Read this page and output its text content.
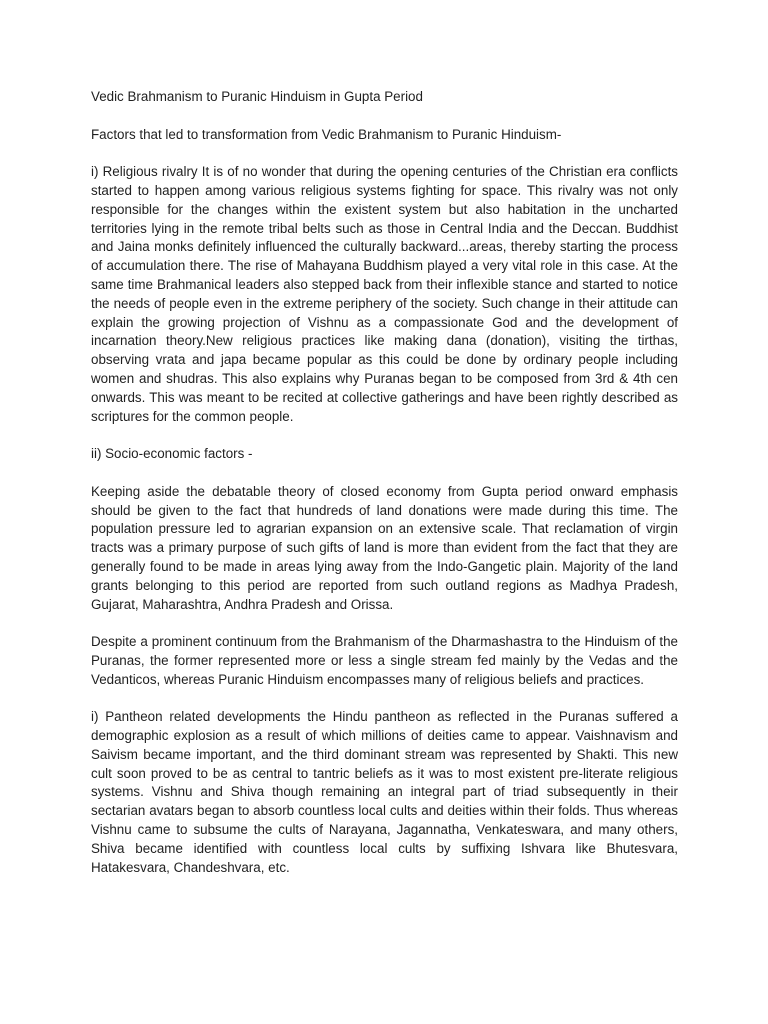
Vedic Brahmanism to Puranic Hinduism in Gupta Period

Factors that led to transformation from Vedic Brahmanism to Puranic Hinduism-

i) Religious rivalry It is of no wonder that during the opening centuries of the Christian era conflicts started to happen among various religious systems fighting for space. This rivalry was not only responsible for the changes within the existent system but also habitation in the uncharted territories lying in the remote tribal belts such as those in Central India and the Deccan. Buddhist and Jaina monks definitely influenced the culturally backward...areas, thereby starting the process of accumulation there. The rise of Mahayana Buddhism played a very vital role in this case. At the same time Brahmanical leaders also stepped back from their inflexible stance and started to notice the needs of people even in the extreme periphery of the society. Such change in their attitude can explain the growing projection of Vishnu as a compassionate God and the development of incarnation theory.New religious practices like making dana (donation), visiting the tirthas, observing vrata and japa became popular as this could be done by ordinary people including women and shudras. This also explains why Puranas began to be composed from 3rd & 4th cen onwards. This was meant to be recited at collective gatherings and have been rightly described as scriptures for the common people.

ii) Socio-economic factors -

Keeping aside the debatable theory of closed economy from Gupta period onward emphasis should be given to the fact that hundreds of land donations were made during this time. The population pressure led to agrarian expansion on an extensive scale. That reclamation of virgin tracts was a primary purpose of such gifts of land is more than evident from the fact that they are generally found to be made in areas lying away from the Indo-Gangetic plain. Majority of the land grants belonging to this period are reported from such outland regions as Madhya Pradesh, Gujarat, Maharashtra, Andhra Pradesh and Orissa.

Despite a prominent continuum from the Brahmanism of the Dharmashastra to the Hinduism of the Puranas, the former represented more or less a single stream fed mainly by the Vedas and the Vedanticos, whereas Puranic Hinduism encompasses many of religious beliefs and practices.

i) Pantheon related developments the Hindu pantheon as reflected in the Puranas suffered a demographic explosion as a result of which millions of deities came to appear. Vaishnavism and Saivism became important, and the third dominant stream was represented by Shakti. This new cult soon proved to be as central to tantric beliefs as it was to most existent pre-literate religious systems. Vishnu and Shiva though remaining an integral part of triad subsequently in their sectarian avatars began to absorb countless local cults and deities within their folds. Thus whereas Vishnu came to subsume the cults of Narayana, Jagannatha, Venkateswara, and many others, Shiva became identified with countless local cults by suffixing Ishvara like Bhutesvara, Hatakesvara, Chandeshvara, etc.
